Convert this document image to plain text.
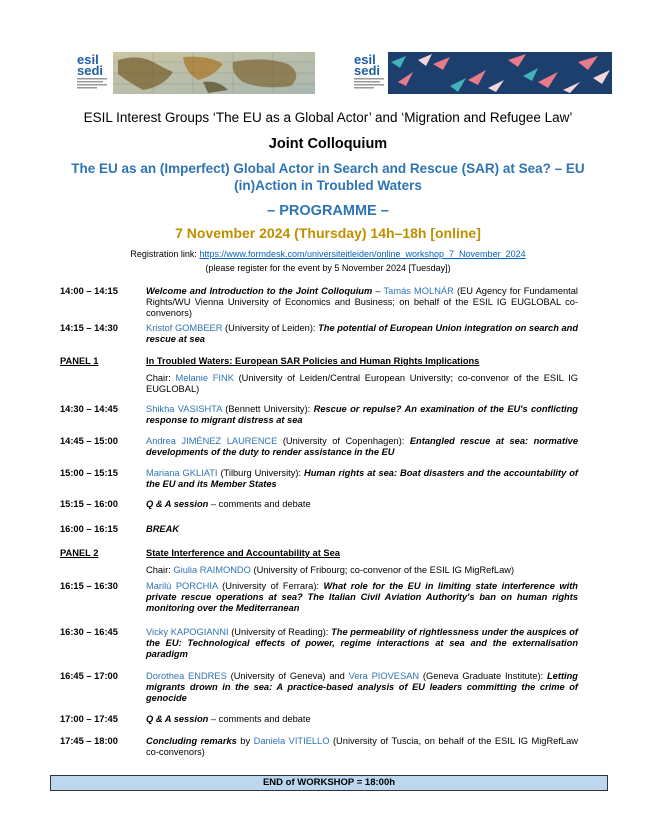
esil
sedi
esil
sedi
ESIL Interest Groups ‘The EU as a Global Actor’ and ‘Migration and Refugee Law’
Joint Colloquium
The EU as an (Imperfect) Global Actor in Search and Rescue (SAR) at Sea? – EU (in)Action in Troubled Waters
– PROGRAMME –
7 November 2024 (Thursday) 14h–18h [online]
Registration link: https://www.formdesk.com/universiteitleiden/online_workshop_7_November_2024
(please register for the event by 5 November 2024 [Tuesday])
14:00 – 14:15	Welcome and Introduction to the Joint Colloquium – Tamás MOLNÁR (EU Agency for Fundamental Rights/WU Vienna University of Economics and Business; on behalf of the ESIL IG EUGLOBAL co-convenors)
14:15 – 14:30	Kristof GOMBEER (University of Leiden): The potential of European Union integration on search and rescue at sea
PANEL 1	In Troubled Waters: European SAR Policies and Human Rights Implications
Chair: Melanie FINK (University of Leiden/Central European University; co-convenor of the ESIL IG EUGLOBAL)
14:30 – 14:45	Shikha VASISHTA (Bennett University): Rescue or repulse? An examination of the EU's conflicting response to migrant distress at sea
14:45 – 15:00	Andrea JIMÉNEZ LAURENCE (University of Copenhagen): Entangled rescue at sea: normative developments of the duty to render assistance in the EU
15:00 – 15:15	Mariana GKLIATI (Tilburg University): Human rights at sea: Boat disasters and the accountability of the EU and its Member States
15:15 – 16:00	Q & A session – comments and debate
16:00 – 16:15	BREAK
PANEL 2	State Interference and Accountability at Sea
Chair: Giulia RAIMONDO (University of Fribourg; co-convenor of the ESIL IG MigRefLaw)
16:15 – 16:30	Marilù PORCHIA (University of Ferrara): What role for the EU in limiting state interference with private rescue operations at sea? The Italian Civil Aviation Authority's ban on human rights monitoring over the Mediterranean
16:30 – 16:45	Vicky KAPOGIANNI (University of Reading): The permeability of rightlessness under the auspices of the EU: Technological effects of power, regime interactions at sea and the externalisation paradigm
16:45 – 17:00	Dorothea ENDRES (University of Geneva) and Vera PIOVESAN (Geneva Graduate Institute): Letting migrants drown in the sea: A practice-based analysis of EU leaders committing the crime of genocide
17:00 – 17:45	Q & A session – comments and debate
17:45 – 18:00	Concluding remarks by Daniela VITIELLO (University of Tuscia, on behalf of the ESIL IG MigRefLaw co-convenors)
END of WORKSHOP = 18:00h
